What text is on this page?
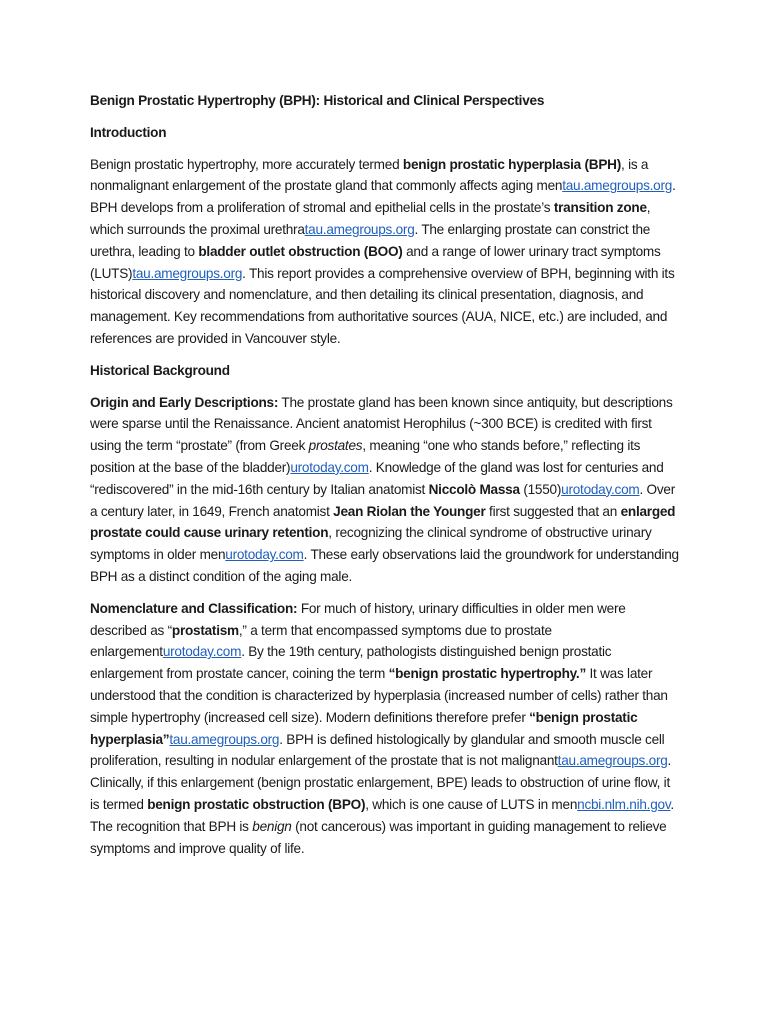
Benign Prostatic Hypertrophy (BPH): Historical and Clinical Perspectives

Introduction

Benign prostatic hypertrophy, more accurately termed benign prostatic hyperplasia (BPH), is a nonmalignant enlargement of the prostate gland that commonly affects aging mentau.amegroups.org. BPH develops from a proliferation of stromal and epithelial cells in the prostate’s transition zone, which surrounds the proximal urethratau.amegroups.org. The enlarging prostate can constrict the urethra, leading to bladder outlet obstruction (BOO) and a range of lower urinary tract symptoms (LUTS)tau.amegroups.org. This report provides a comprehensive overview of BPH, beginning with its historical discovery and nomenclature, and then detailing its clinical presentation, diagnosis, and management. Key recommendations from authoritative sources (AUA, NICE, etc.) are included, and references are provided in Vancouver style.

Historical Background

Origin and Early Descriptions: The prostate gland has been known since antiquity, but descriptions were sparse until the Renaissance. Ancient anatomist Herophilus (~300 BCE) is credited with first using the term “prostate” (from Greek prostates, meaning “one who stands before,” reflecting its position at the base of the bladder)urotoday.com. Knowledge of the gland was lost for centuries and “rediscovered” in the mid-16th century by Italian anatomist Niccolò Massa (1550)urotoday.com. Over a century later, in 1649, French anatomist Jean Riolan the Younger first suggested that an enlarged prostate could cause urinary retention, recognizing the clinical syndrome of obstructive urinary symptoms in older menurotoday.com. These early observations laid the groundwork for understanding BPH as a distinct condition of the aging male.

Nomenclature and Classification: For much of history, urinary difficulties in older men were described as “prostatism,” a term that encompassed symptoms due to prostate enlargementurotoday.com. By the 19th century, pathologists distinguished benign prostatic enlargement from prostate cancer, coining the term “benign prostatic hypertrophy.” It was later understood that the condition is characterized by hyperplasia (increased number of cells) rather than simple hypertrophy (increased cell size). Modern definitions therefore prefer “benign prostatic hyperplasia”tau.amegroups.org. BPH is defined histologically by glandular and smooth muscle cell proliferation, resulting in nodular enlargement of the prostate that is not malignanttau.amegroups.org. Clinically, if this enlargement (benign prostatic enlargement, BPE) leads to obstruction of urine flow, it is termed benign prostatic obstruction (BPO), which is one cause of LUTS in menncbi.nlm.nih.gov. The recognition that BPH is benign (not cancerous) was important in guiding management to relieve symptoms and improve quality of life.
